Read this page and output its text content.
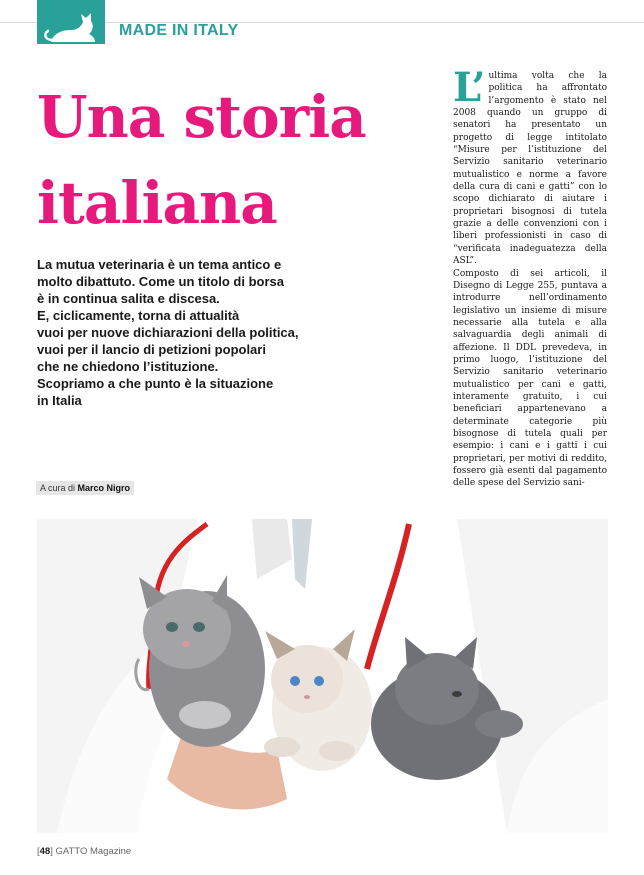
MADE IN ITALY
Una storia
italiana
La mutua veterinaria è un tema antico e
molto dibattuto. Come un titolo di borsa
è in continua salita e discesa.
E, ciclicamente, torna di attualità
vuoi per nuove dichiarazioni della politica,
vuoi per il lancio di petizioni popolari
che ne chiedono l’istituzione.
Scopriamo a che punto è la situazione
in Italia
A cura di Marco Nigro

L’ ultima volta che la politica ha affrontato l’argomento è stato nel 2008 quando un gruppo di senatori ha presentato un progetto di legge intitolato “Misure per l’istituzione del Servizio sanitario veterinario mutualistico e norme a favore della cura di cani e gatti” con lo scopo dichiarato di aiutare i proprietari bisognosi di tutela grazie a delle convenzioni con i liberi professionisti in caso di “verificata inadeguatezza della ASL”.

Composto di sei articoli, il Disegno di Legge 255, puntava a introdurre nell’ordinamento legislativo un insieme di misure necessarie alla tutela e alla salvaguardia degli animali di affezione. Il DDL prevedeva, in primo luogo, l’istituzione del Servizio sanitario veterinario mutualistico per cani e gatti, interamente gratuito, i cui beneficiari appartenevano a determinate categorie più bisognose di tutela quali per esempio: i cani e i gatti i cui proprietari, per motivi di reddito, fossero già esenti dal pagamento delle spese del Servizio sani-

[48] GATTO Magazine
